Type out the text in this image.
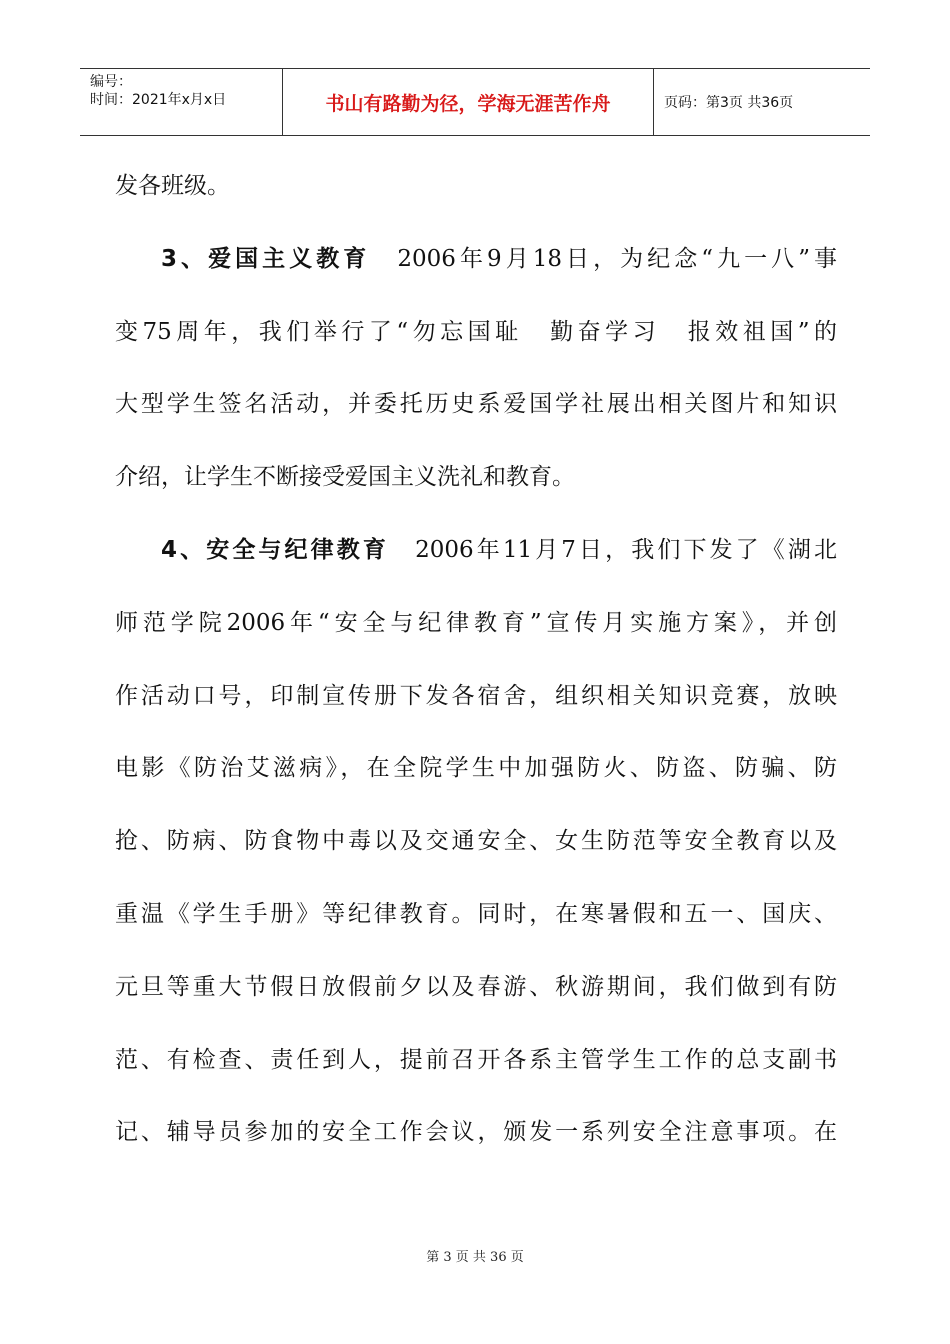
编号：
时间：2021年x月x日	书山有路勤为径，学海无涯苦作舟	页码：第3页 共36页
发各班级。
3、爱国主义教育　 2006年9月18日，为纪念“九一八”事
变75周年，我们举行了“勿忘国耻　勤奋学习　报效祖国”的
大型学生签名活动，并委托历史系爱国学社展出相关图片和知识
介绍，让学生不断接受爱国主义洗礼和教育。
4、安全与纪律教育　 2006年11月7日，我们下发了《湖北
师范学院2006年“安全与纪律教育”宣传月实施方案》，并创
作活动口号，印制宣传册下发各宿舍，组织相关知识竞赛，放映
电影《防治艾滋病》，在全院学生中加强防火、防盗、防骗、防
抢、防病、防食物中毒以及交通安全、女生防范等安全教育以及
重温《学生手册》等纪律教育。同时，在寒暑假和五一、国庆、
元旦等重大节假日放假前夕以及春游、秋游期间，我们做到有防
范、有检查、责任到人，提前召开各系主管学生工作的总支副书
记、辅导员参加的安全工作会议，颁发一系列安全注意事项。在
第 3 页 共 36 页
